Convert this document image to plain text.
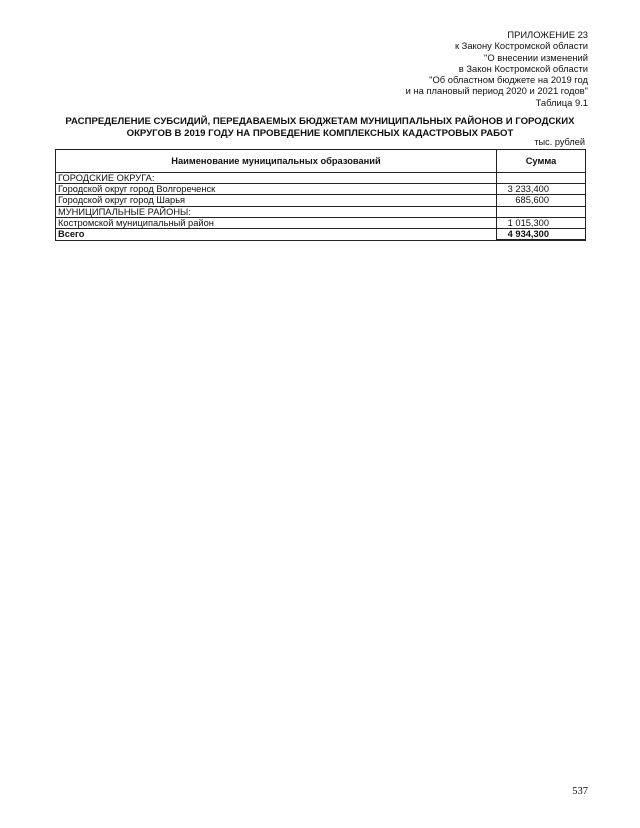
ПРИЛОЖЕНИЕ 23
к Закону Костромской области
"О внесении изменений
в Закон Костромской области
"Об областном бюджете на 2019 год
и на плановый период 2020 и 2021 годов"
Таблица 9.1
РАСПРЕДЕЛЕНИЕ СУБСИДИЙ, ПЕРЕДАВАЕМЫХ БЮДЖЕТАМ МУНИЦИПАЛЬНЫХ РАЙОНОВ И ГОРОДСКИХ
ОКРУГОВ В 2019 ГОДУ НА ПРОВЕДЕНИЕ КОМПЛЕКСНЫХ КАДАСТРОВЫХ РАБОТ
тыс. рублей
Наименование муниципальных образований	Сумма
ГОРОДСКИЕ ОКРУГА:	
Городской округ город Волгореченск	3 233,400
Городской округ город Шарья	685,600
МУНИЦИПАЛЬНЫЕ РАЙОНЫ:	
Костромской муниципальный район	1 015,300
Всего	4 934,300
537
